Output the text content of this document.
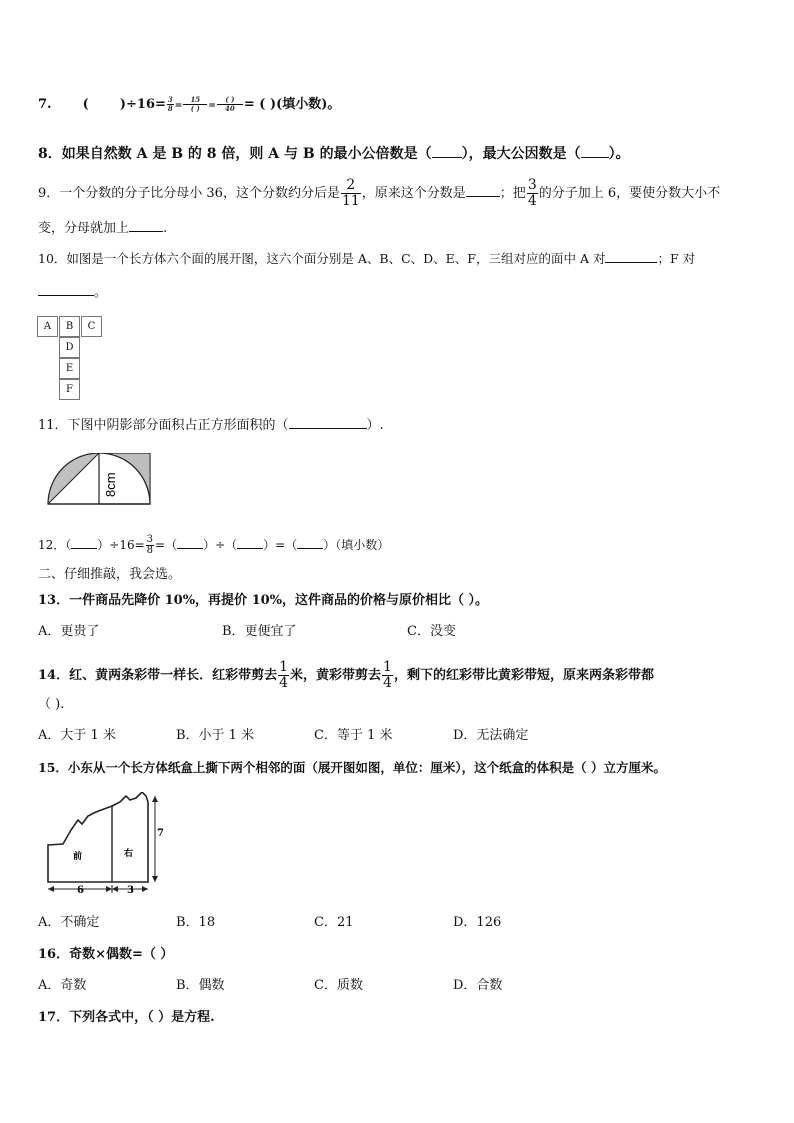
7. ( )$\div 16= \frac{3}{8} = \frac{15}{( )} = \frac{( )}{40}$ = ( )(填小数)。
8．如果自然数 A 是 B 的 8 倍，则 A 与 B 的最小公倍数是（ ），最大公因数是（ ）。
9．一个分数的分子比分母小 36，这个分数约分后是 $\frac{2}{11}$ ，原来这个分数是	；把 $\frac{3}{4}$ 的分子加上 6，要使分数大小不
变，分母就加上	.
10．如图是一个长方体六个面的展开图，这六个面分别是 A、B、C、D、E、F，三组对应的面中 A 对	；F 对
。
A	B	C
D
E
F
11．下图中阴影部分面积占正方形面积的（	）.
8cm
12．（ ）$\div 16= \frac{3}{8}$ =（ ）÷（ ）=（ ）（填小数）
二、仔细推敲，我会选。
13．一件商品先降价 10%，再提价 10%，这件商品的价格与原价相比（ ）。
A．更贵了	B．更便宜了	C．没变
14．红、黄两条彩带一样长．红彩带剪去 $\frac{1}{4}$ 米，黄彩带剪去 $\frac{1}{4}$ ，剩下的红彩带比黄彩带短，原来两条彩带都
（ ).
A．大于 1 米	B．小于 1 米	C．等于 1 米	D．无法确定
15．小东从一个长方体纸盒上撕下两个相邻的面（展开图如图，单位：厘米），这个纸盒的体积是（ ）立方厘米。
前	右
6	3
7
A．不确定	B．18	C．21	D．126
16．奇数×偶数=（ ）
A．奇数	B．偶数	C．质数	D．合数
17．下列各式中，（ ）是方程.
